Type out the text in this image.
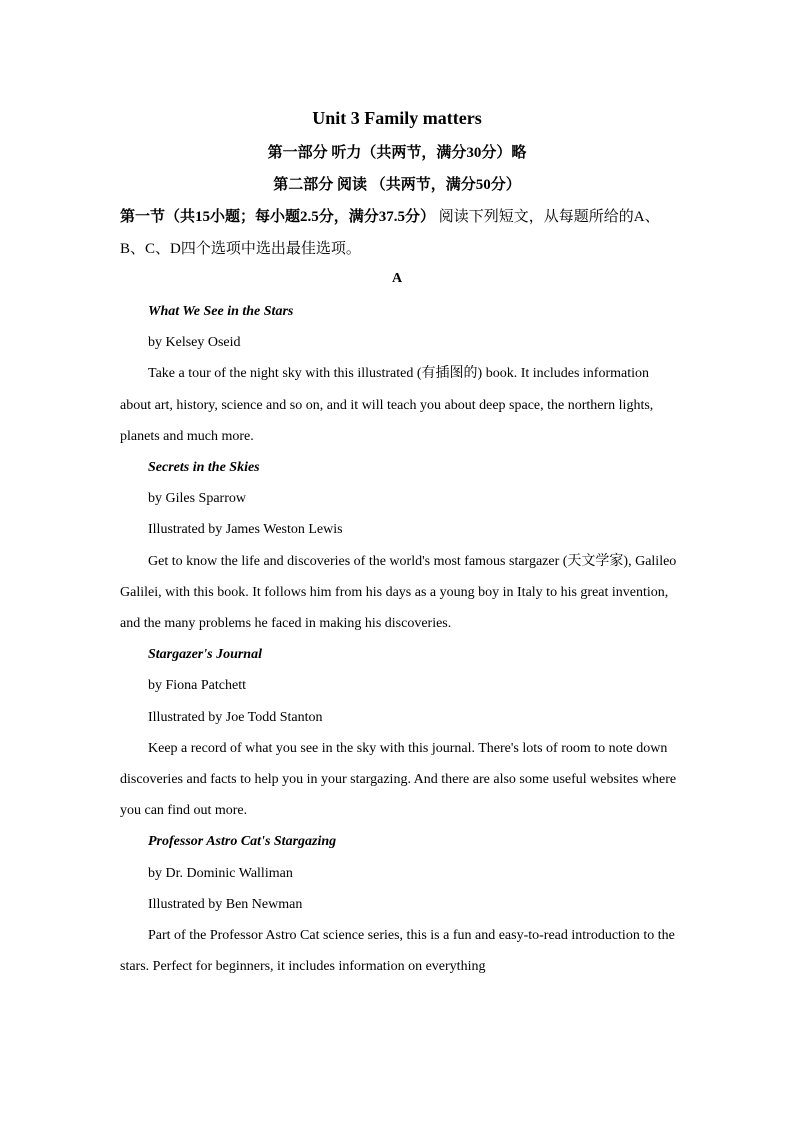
Unit 3 Family matters
第一部分 听力（共两节，满分30分）略
第二部分 阅读 （共两节，满分50分）

第一节（共15小题；每小题2.5分，满分37.5分） 阅读下列短文，从每题所给的A、B、C、D四个选项中选出最佳选项。

A

What We See in the Stars

by Kelsey Oseid

Take a tour of the night sky with this illustrated (有插图的) book. It includes information about art, history, science and so on, and it will teach you about deep space, the northern lights, planets and much more.

Secrets in the Skies

by Giles Sparrow

Illustrated by James Weston Lewis

Get to know the life and discoveries of the world's most famous stargazer (天文学家), Galileo Galilei, with this book. It follows him from his days as a young boy in Italy to his great invention, and the many problems he faced in making his discoveries.

Stargazer's Journal

by Fiona Patchett

Illustrated by Joe Todd Stanton

Keep a record of what you see in the sky with this journal. There's lots of room to note down discoveries and facts to help you in your stargazing. And there are also some useful websites where you can find out more.

Professor Astro Cat's Stargazing

by Dr. Dominic Walliman

Illustrated by Ben Newman

Part of the Professor Astro Cat science series, this is a fun and easy-to-read introduction to the stars. Perfect for beginners, it includes information on everything
